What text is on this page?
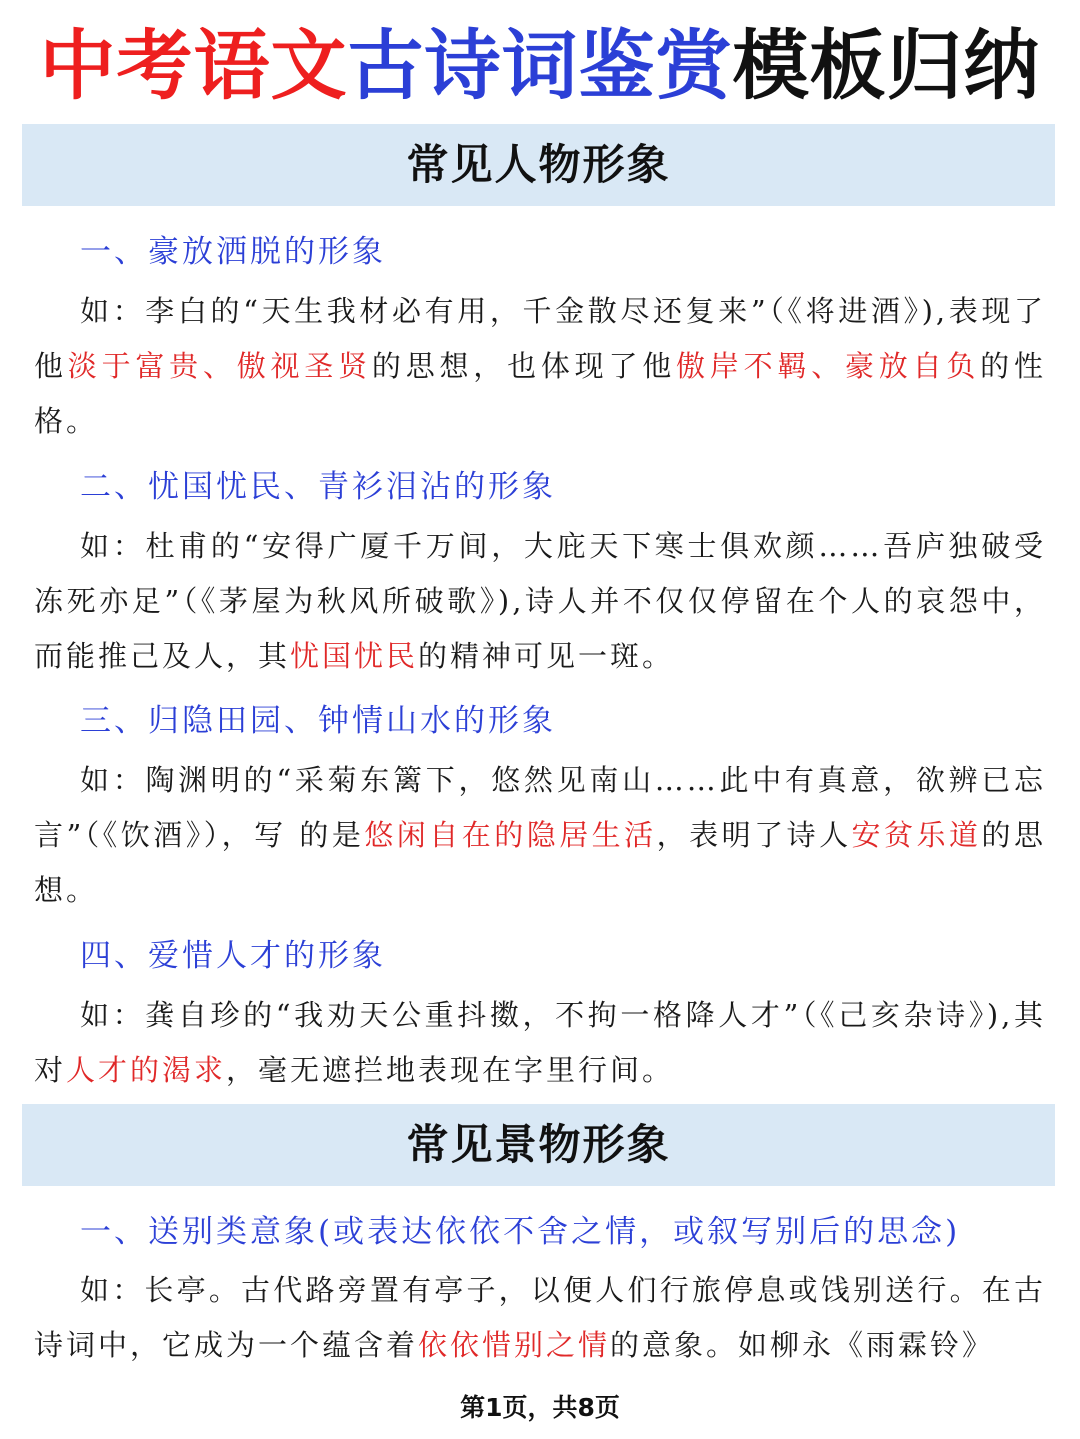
中考语文古诗词鉴赏模板归纳
常见人物形象
一、豪放洒脱的形象
如：李白的“天生我材必有用，千金散尽还复来”（《将进酒》),表现了他淡于富贵、傲视圣贤的思想，也体现了他傲岸不羁、豪放自负的性格。
二、忧国忧民、青衫泪沾的形象
如：杜甫的“安得广厦千万间，大庇天下寒士俱欢颜……吾庐独破受冻死亦足”（《茅屋为秋风所破歌》),诗人并不仅仅停留在个人的哀怨中，而能推己及人，其忧国忧民的精神可见一斑。
三、归隐田园、钟情山水的形象
如：陶渊明的“采菊东篱下，悠然见南山……此中有真意，欲辨已忘言”（《饮酒》），写 的是悠闲自在的隐居生活，表明了诗人安贫乐道的思想。
四、爱惜人才的形象
如：龚自珍的“我劝天公重抖擞，不拘一格降人才”（《己亥杂诗》),其对人才的渴求，毫无遮拦地表现在字里行间。
常见景物形象
一、送别类意象(或表达依依不舍之情，或叙写别后的思念)
如：长亭。古代路旁置有亭子，以便人们行旅停息或饯别送行。在古诗词中，它成为一个蕴含着依依惜别之情的意象。如柳永《雨霖铃》
第1页，共8页
